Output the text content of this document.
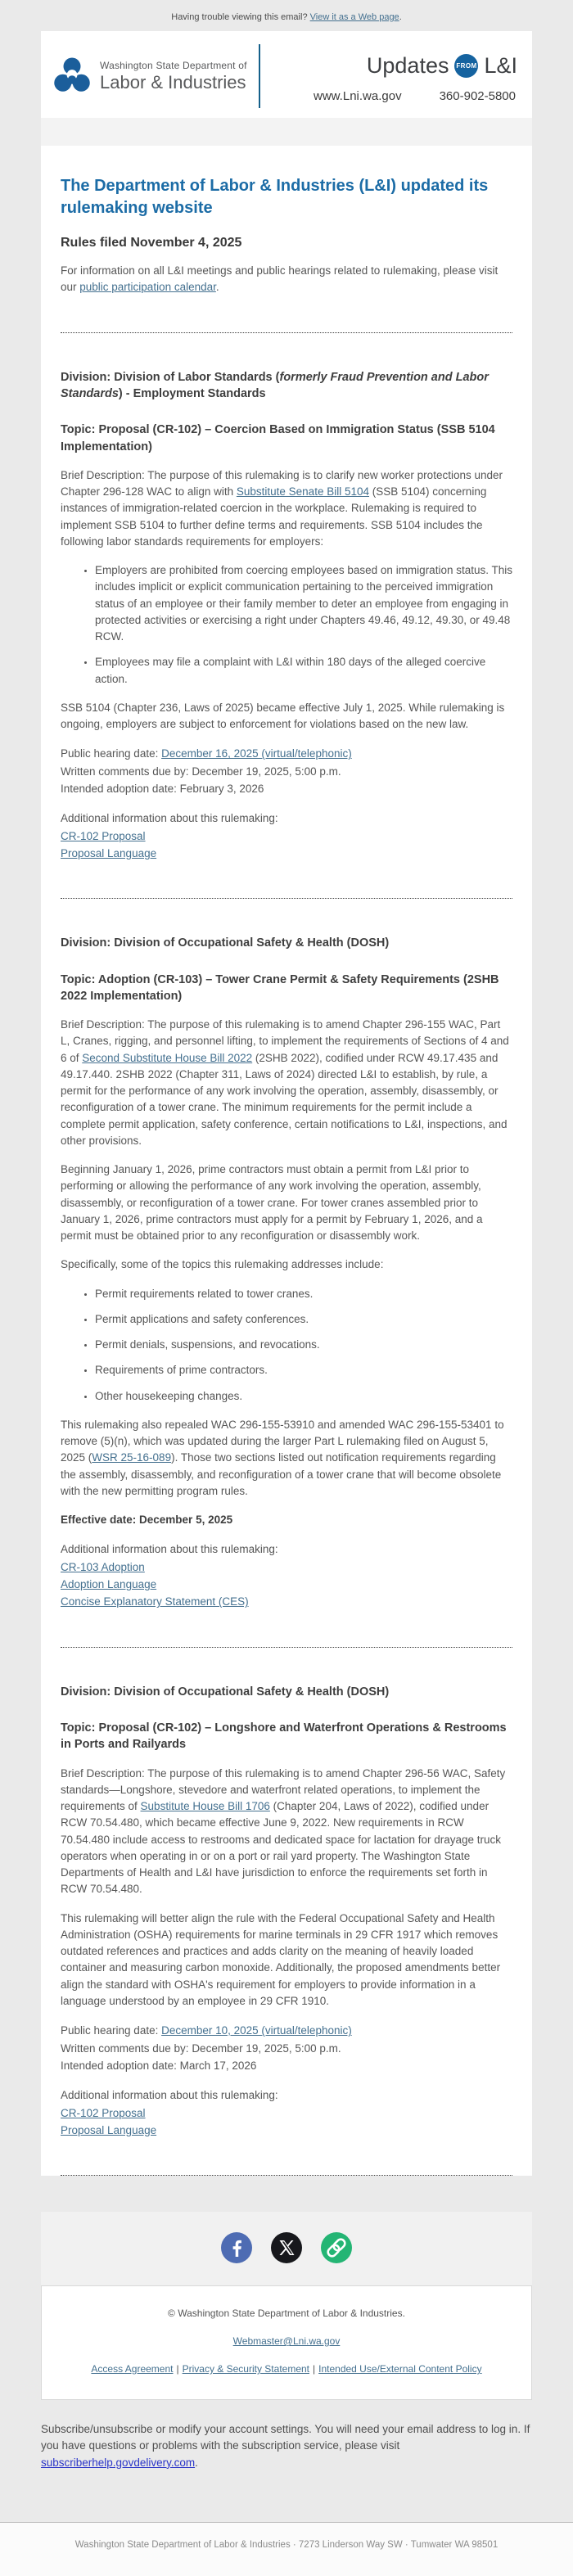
Having trouble viewing this email? View it as a Web page.
Washington State Department of
Labor & Industries
Updates FROM L&I
www.Lni.wa.gov	360-902-5800
The Department of Labor & Industries (L&I) updated its rulemaking website
Rules filed November 4, 2025

For information on all L&I meetings and public hearings related to rulemaking, please visit our public participation calendar.

Division: Division of Labor Standards (formerly Fraud Prevention and Labor Standards) - Employment Standards
Topic: Proposal (CR-102) – Coercion Based on Immigration Status (SSB 5104 Implementation)

Brief Description: The purpose of this rulemaking is to clarify new worker protections under Chapter 296-128 WAC to align with Substitute Senate Bill 5104 (SSB 5104) concerning instances of immigration-related coercion in the workplace. Rulemaking is required to implement SSB 5104 to further define terms and requirements. SSB 5104 includes the following labor standards requirements for employers:

• Employers are prohibited from coercing employees based on immigration status. This includes implicit or explicit communication pertaining to the perceived immigration status of an employee or their family member to deter an employee from engaging in protected activities or exercising a right under Chapters 49.46, 49.12, 49.30, or 49.48 RCW.
• Employees may file a complaint with L&I within 180 days of the alleged coercive action.

SSB 5104 (Chapter 236, Laws of 2025) became effective July 1, 2025. While rulemaking is ongoing, employers are subject to enforcement for violations based on the new law.

Public hearing date: December 16, 2025 (virtual/telephonic)
Written comments due by: December 19, 2025, 5:00 p.m.
Intended adoption date: February 3, 2026

Additional information about this rulemaking:
CR-102 Proposal
Proposal Language

Division: Division of Occupational Safety & Health (DOSH)
Topic: Adoption (CR-103) – Tower Crane Permit & Safety Requirements (2SHB 2022 Implementation)

Brief Description: The purpose of this rulemaking is to amend Chapter 296-155 WAC, Part L, Cranes, rigging, and personnel lifting, to implement the requirements of Sections of 4 and 6 of Second Substitute House Bill 2022 (2SHB 2022), codified under RCW 49.17.435 and 49.17.440. 2SHB 2022 (Chapter 311, Laws of 2024) directed L&I to establish, by rule, a permit for the performance of any work involving the operation, assembly, disassembly, or reconfiguration of a tower crane. The minimum requirements for the permit include a complete permit application, safety conference, certain notifications to L&I, inspections, and other provisions.

Beginning January 1, 2026, prime contractors must obtain a permit from L&I prior to performing or allowing the performance of any work involving the operation, assembly, disassembly, or reconfiguration of a tower crane. For tower cranes assembled prior to January 1, 2026, prime contractors must apply for a permit by February 1, 2026, and a permit must be obtained prior to any reconfiguration or disassembly work.

Specifically, some of the topics this rulemaking addresses include:

• Permit requirements related to tower cranes.
• Permit applications and safety conferences.
• Permit denials, suspensions, and revocations.
• Requirements of prime contractors.
• Other housekeeping changes.

This rulemaking also repealed WAC 296-155-53910 and amended WAC 296-155-53401 to remove (5)(n), which was updated during the larger Part L rulemaking filed on August 5, 2025 (WSR 25-16-089). Those two sections listed out notification requirements regarding the assembly, disassembly, and reconfiguration of a tower crane that will become obsolete with the new permitting program rules.

Effective date: December 5, 2025

Additional information about this rulemaking:
CR-103 Adoption
Adoption Language
Concise Explanatory Statement (CES)

Division: Division of Occupational Safety & Health (DOSH)
Topic: Proposal (CR-102) – Longshore and Waterfront Operations & Restrooms in Ports and Railyards

Brief Description: The purpose of this rulemaking is to amend Chapter 296-56 WAC, Safety standards—Longshore, stevedore and waterfront related operations, to implement the requirements of Substitute House Bill 1706 (Chapter 204, Laws of 2022), codified under RCW 70.54.480, which became effective June 9, 2022. New requirements in RCW 70.54.480 include access to restrooms and dedicated space for lactation for drayage truck operators when operating in or on a port or rail yard property. The Washington State Departments of Health and L&I have jurisdiction to enforce the requirements set forth in RCW 70.54.480.

This rulemaking will better align the rule with the Federal Occupational Safety and Health Administration (OSHA) requirements for marine terminals in 29 CFR 1917 which removes outdated references and practices and adds clarity on the meaning of heavily loaded container and measuring carbon monoxide. Additionally, the proposed amendments better align the standard with OSHA's requirement for employers to provide information in a language understood by an employee in 29 CFR 1910.

Public hearing date: December 10, 2025 (virtual/telephonic)
Written comments due by: December 19, 2025, 5:00 p.m.
Intended adoption date: March 17, 2026

Additional information about this rulemaking:
CR-102 Proposal
Proposal Language

© Washington State Department of Labor & Industries.
Webmaster@Lni.wa.gov
Access Agreement | Privacy & Security Statement | Intended Use/External Content Policy

Subscribe/unsubscribe or modify your account settings. You will need your email address to log in. If you have questions or problems with the subscription service, please visit subscriberhelp.govdelivery.com.

Washington State Department of Labor & Industries · 7273 Linderson Way SW · Tumwater WA 98501
